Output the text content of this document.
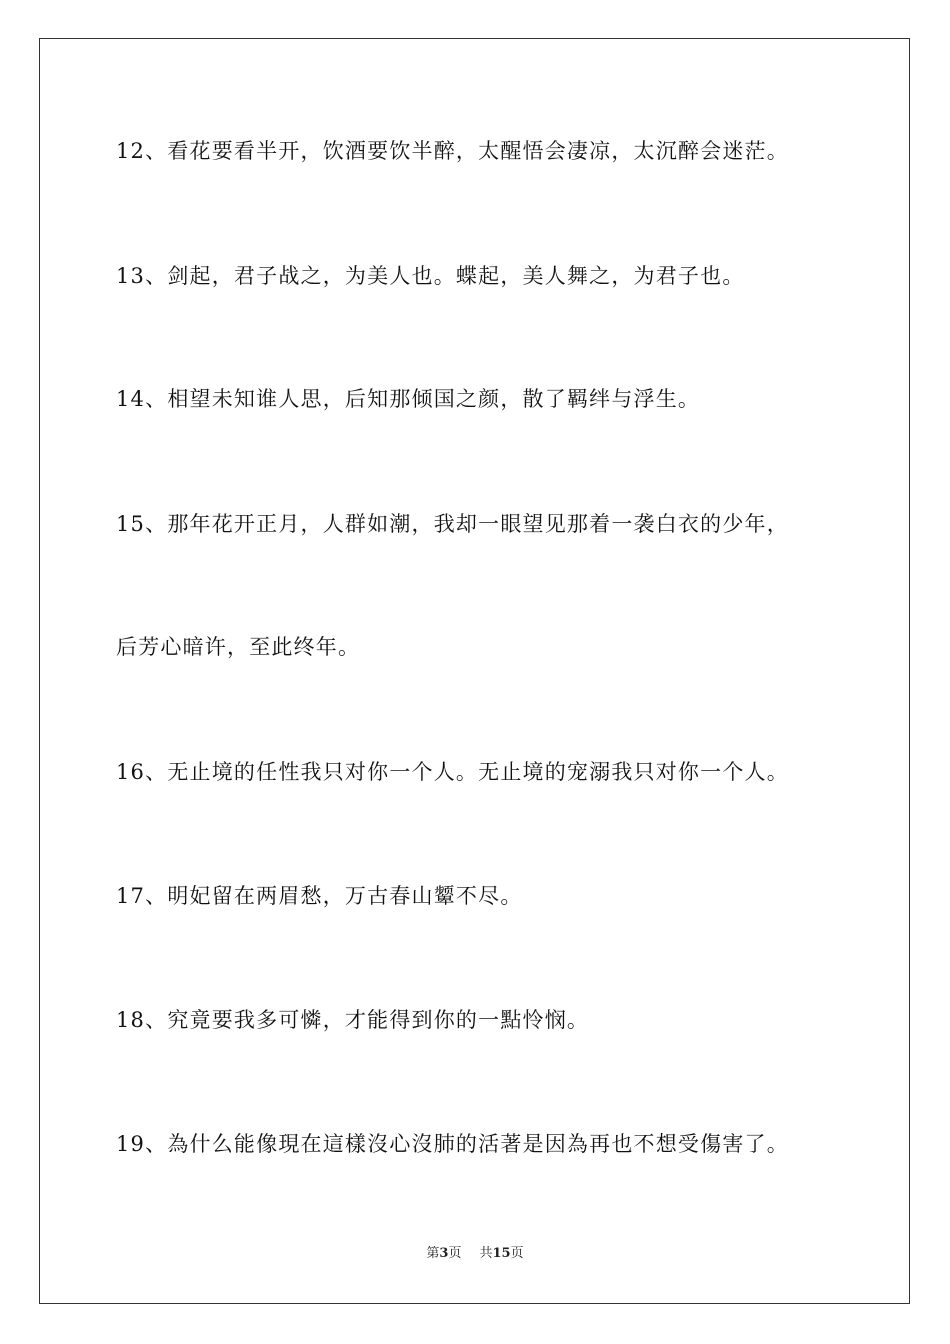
12、看花要看半开，饮酒要饮半醉，太醒悟会凄凉，太沉醉会迷茫。
13、剑起，君子战之，为美人也。蝶起，美人舞之，为君子也。
14、相望未知谁人思，后知那倾国之颜，散了羁绊与浮生。
15、那年花开正月，人群如潮，我却一眼望见那着一袭白衣的少年，
后芳心暗许，至此终年。
16、无止境的任性我只对你一个人。无止境的宠溺我只对你一个人。
17、明妃留在两眉愁，万古春山颦不尽。
18、究竟要我多可憐，才能得到你的一點怜悯。
19、為什么能像現在這樣沒心沒肺的活著是因為再也不想受傷害了。
第3页 共15页
